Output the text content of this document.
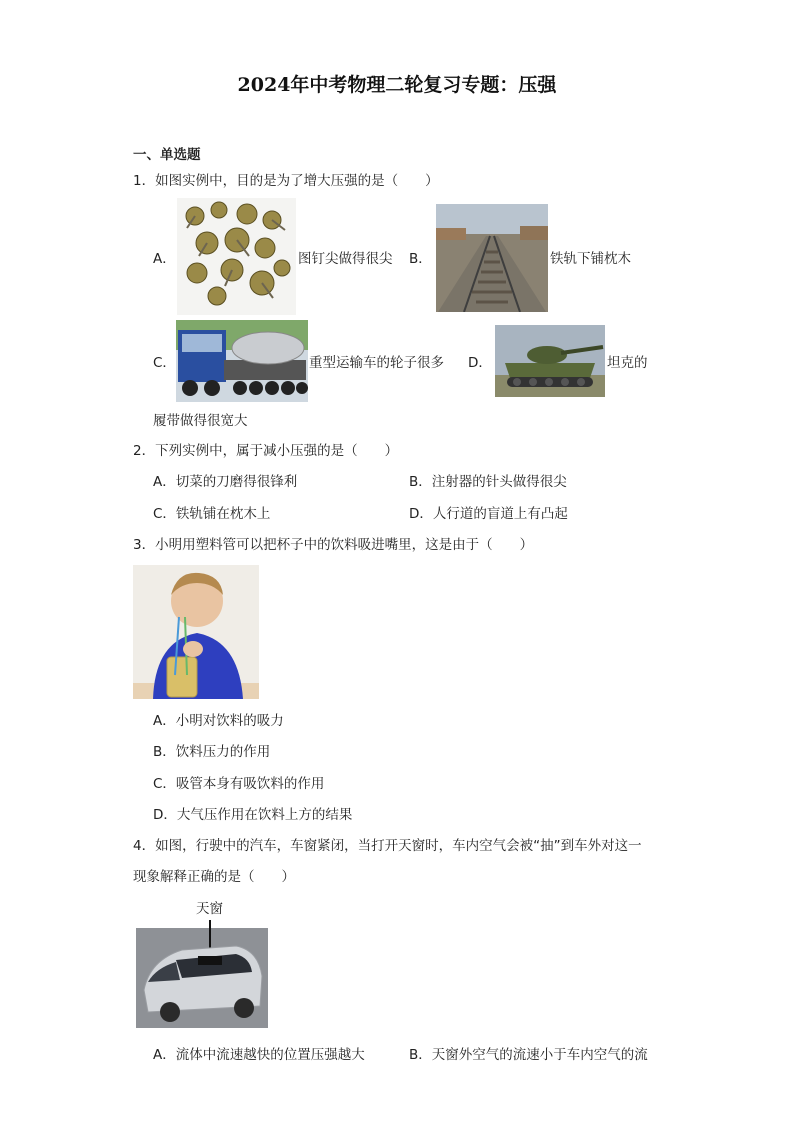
2024年中考物理二轮复习专题：压强
一、单选题
1．如图实例中，目的是为了增大压强的是（　　）
A．	图钉尖做得很尖 B．	铁轨下铺枕木
C．	重型运输车的轮子很多 D．	坦克的
履带做得很宽大
2．下列实例中，属于减小压强的是（　　）
A．切菜的刀磨得很锋利	B．注射器的针头做得很尖
C．铁轨铺在枕木上	D．人行道的盲道上有凸起
3．小明用塑料管可以把杯子中的饮料吸进嘴里，这是由于（　　）
A．小明对饮料的吸力
B．饮料压力的作用
C．吸管本身有吸饮料的作用
D．大气压作用在饮料上方的结果
4．如图，行驶中的汽车，车窗紧闭，当打开天窗时，车内空气会被“抽”到车外对这一
现象解释正确的是（　　）
天窗
A．流体中流速越快的位置压强越大	B．天窗外空气的流速小于车内空气的流
